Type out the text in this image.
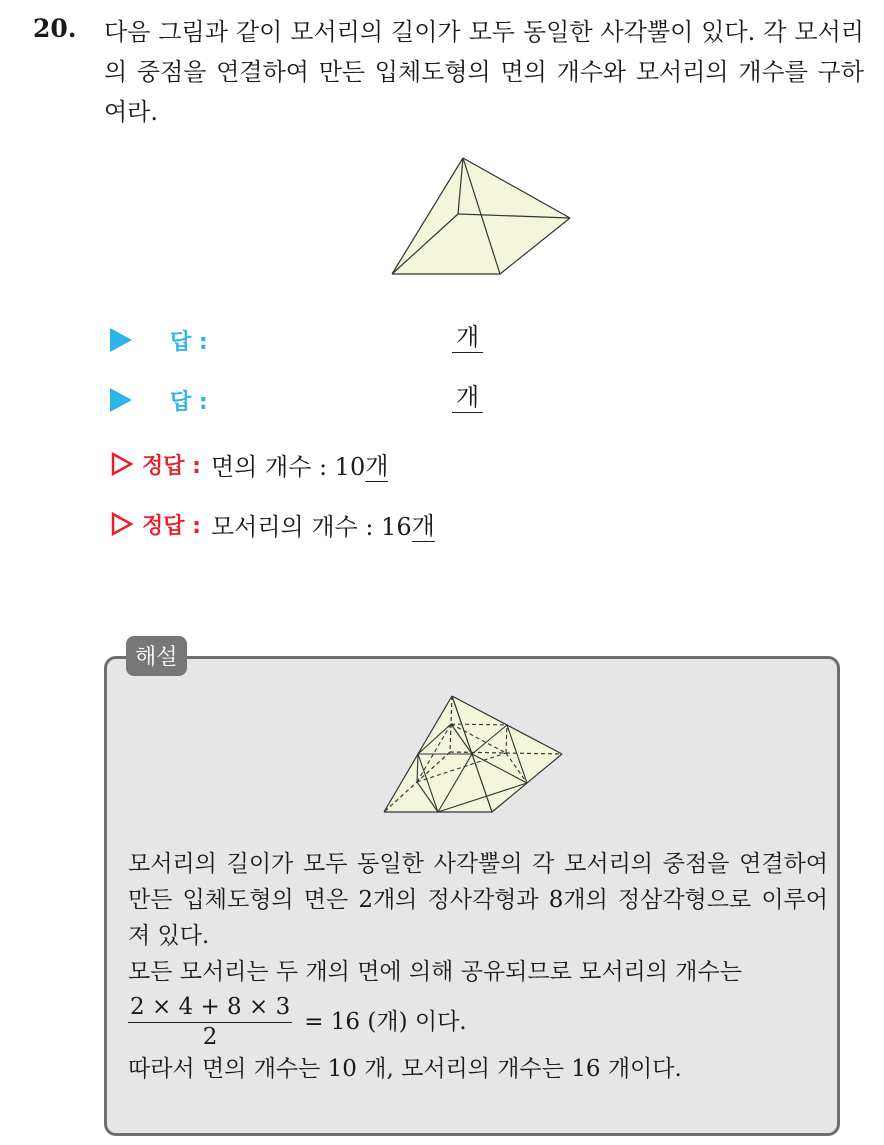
20. 다음 그림과 같이 모서리의 길이가 모두 동일한 사각뿔이 있다. 각 모서리의 중점을 연결하여 만든 입체도형의 면의 개수와 모서리의 개수를 구하여라.
답 :	개
답 :	개
정답 : 면의 개수 : 10 개
정답 : 모서리의 개수 : 16 개
해설
모서리의 길이가 모두 동일한 사각뿔의 각 모서리의 중점을 연결하여 만든 입체도형의 면은 2개의 정사각형과 8개의 정삼각형으로 이루어져 있다.
모든 모서리는 두 개의 면에 의해 공유되므로 모서리의 개수는
$\frac{2 \times 4 + 8 \times 3}{2} = 16$ (개) 이다.
따라서 면의 개수는 10 개, 모서리의 개수는 16 개이다.
